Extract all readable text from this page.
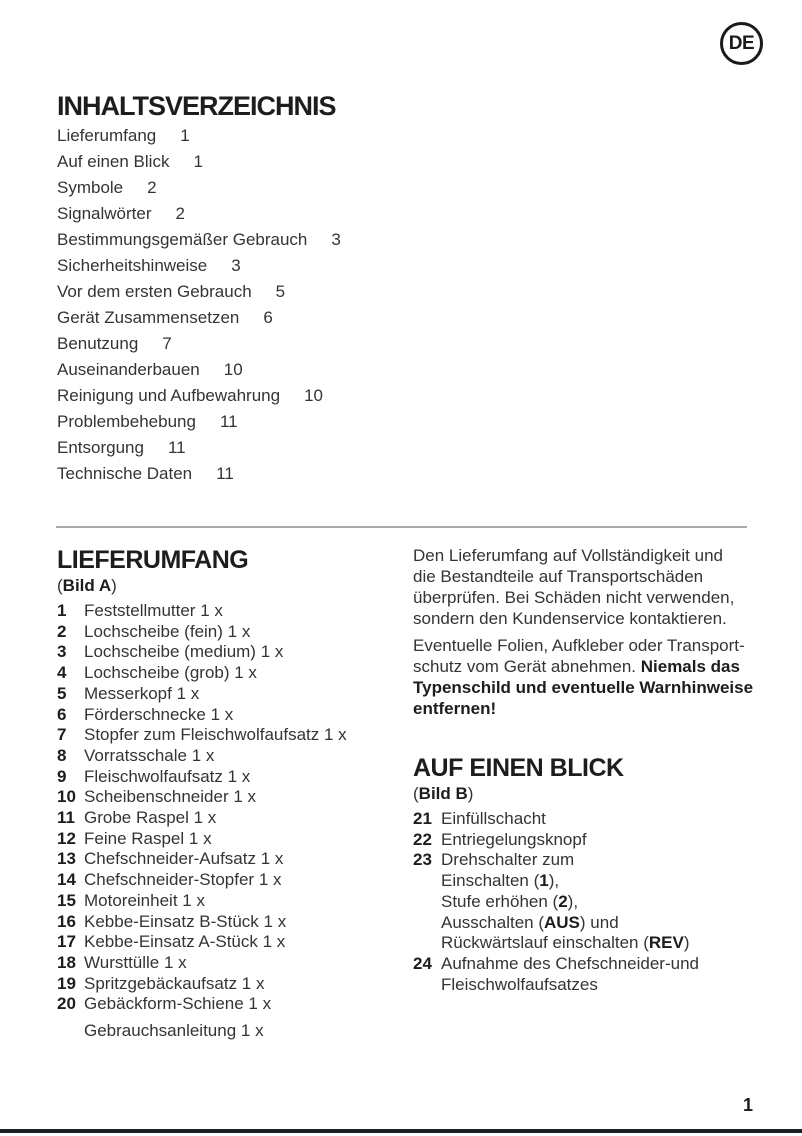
DE
INHALTSVERZEICHNIS
Lieferumfang 1
Auf einen Blick 1
Symbole 2
Signalwörter 2
Bestimmungsgemäßer Gebrauch 3
Sicherheitshinweise 3
Vor dem ersten Gebrauch 5
Gerät Zusammensetzen 6
Benutzung 7
Auseinanderbauen 10
Reinigung und Aufbewahrung 10
Problembehebung 11
Entsorgung 11
Technische Daten 11
LIEFERUMFANG
(Bild A)
1	Feststellmutter 1 x
2	Lochscheibe (fein) 1 x
3	Lochscheibe (medium) 1 x
4	Lochscheibe (grob) 1 x
5	Messerkopf 1 x
6	Förderschnecke 1 x
7	Stopfer zum Fleischwolfaufsatz 1 x
8	Vorratsschale 1 x
9	Fleischwolfaufsatz 1 x
10 Scheibenschneider 1 x
11 Grobe Raspel 1 x
12 Feine Raspel 1 x
13 Chefschneider-Aufsatz 1 x
14 Chefschneider-Stopfer 1 x
15 Motoreinheit 1 x
16 Kebbe-Einsatz B-Stück 1 x
17 Kebbe-Einsatz A-Stück 1 x
18 Wursttülle 1 x
19 Spritzgebäckaufsatz 1 x
20 Gebäckform-Schiene 1 x
Gebrauchsanleitung 1 x
Den Lieferumfang auf Vollständigkeit und
die Bestandteile auf Transportschäden
überprüfen. Bei Schäden nicht verwenden,
sondern den Kundenservice kontaktieren.
Eventuelle Folien, Aufkleber oder Transport-
schutz vom Gerät abnehmen. Niemals das
Typenschild und eventuelle Warnhinweise
entfernen!
AUF EINEN BLICK
(Bild B)
21 Einfüllschacht
22 Entriegelungsknopf
23 Drehschalter zum
Einschalten ( 1 ),
Stufe erhöhen ( 2 ),
Ausschalten ( AUS ) und
Rückwärtslauf einschalten ( REV )
24 Aufnahme des Chefschneider-und
Fleischwolfaufsatzes
1
